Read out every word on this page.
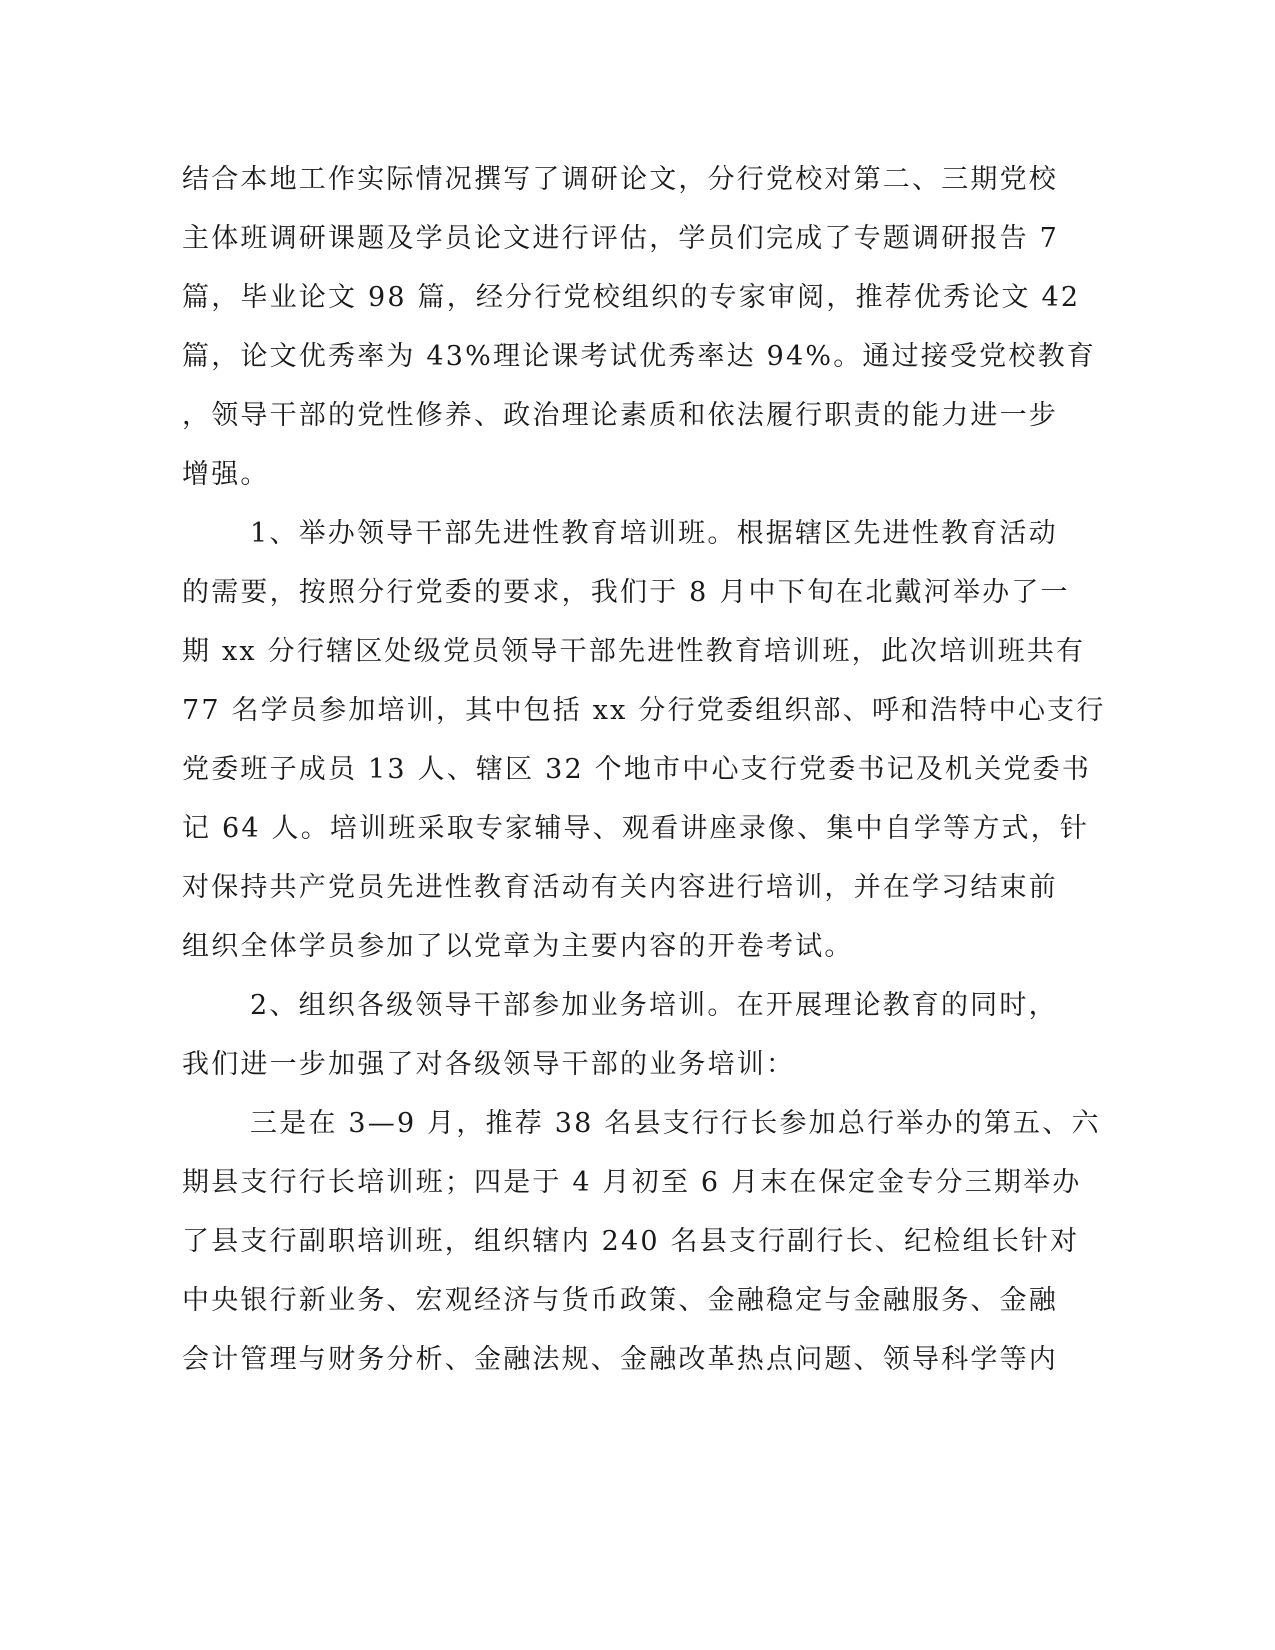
结合本地工作实际情况撰写了调研论文，分行党校对第二、三期党校

主体班调研课题及学员论文进行评估，学员们完成了专题调研报告 7

篇，毕业论文 98 篇，经分行党校组织的专家审阅，推荐优秀论文 42

篇，论文优秀率为 43%理论课考试优秀率达 94%。通过接受党校教育

，领导干部的党性修养、政治理论素质和依法履行职责的能力进一步

增强。

1、举办领导干部先进性教育培训班。根据辖区先进性教育活动

的需要，按照分行党委的要求，我们于 8 月中下旬在北戴河举办了一

期 xx 分行辖区处级党员领导干部先进性教育培训班，此次培训班共有

77 名学员参加培训，其中包括 xx 分行党委组织部、呼和浩特中心支行

党委班子成员 13 人、辖区 32 个地市中心支行党委书记及机关党委书

记 64 人。培训班采取专家辅导、观看讲座录像、集中自学等方式，针

对保持共产党员先进性教育活动有关内容进行培训，并在学习结束前

组织全体学员参加了以党章为主要内容的开卷考试。

2、组织各级领导干部参加业务培训。在开展理论教育的同时，

我们进一步加强了对各级领导干部的业务培训：

三是在 3—9 月，推荐 38 名县支行行长参加总行举办的第五、六

期县支行行长培训班；四是于 4 月初至 6 月末在保定金专分三期举办

了县支行副职培训班，组织辖内 240 名县支行副行长、纪检组长针对

中央银行新业务、宏观经济与货币政策、金融稳定与金融服务、金融

会计管理与财务分析、金融法规、金融改革热点问题、领导科学等内
